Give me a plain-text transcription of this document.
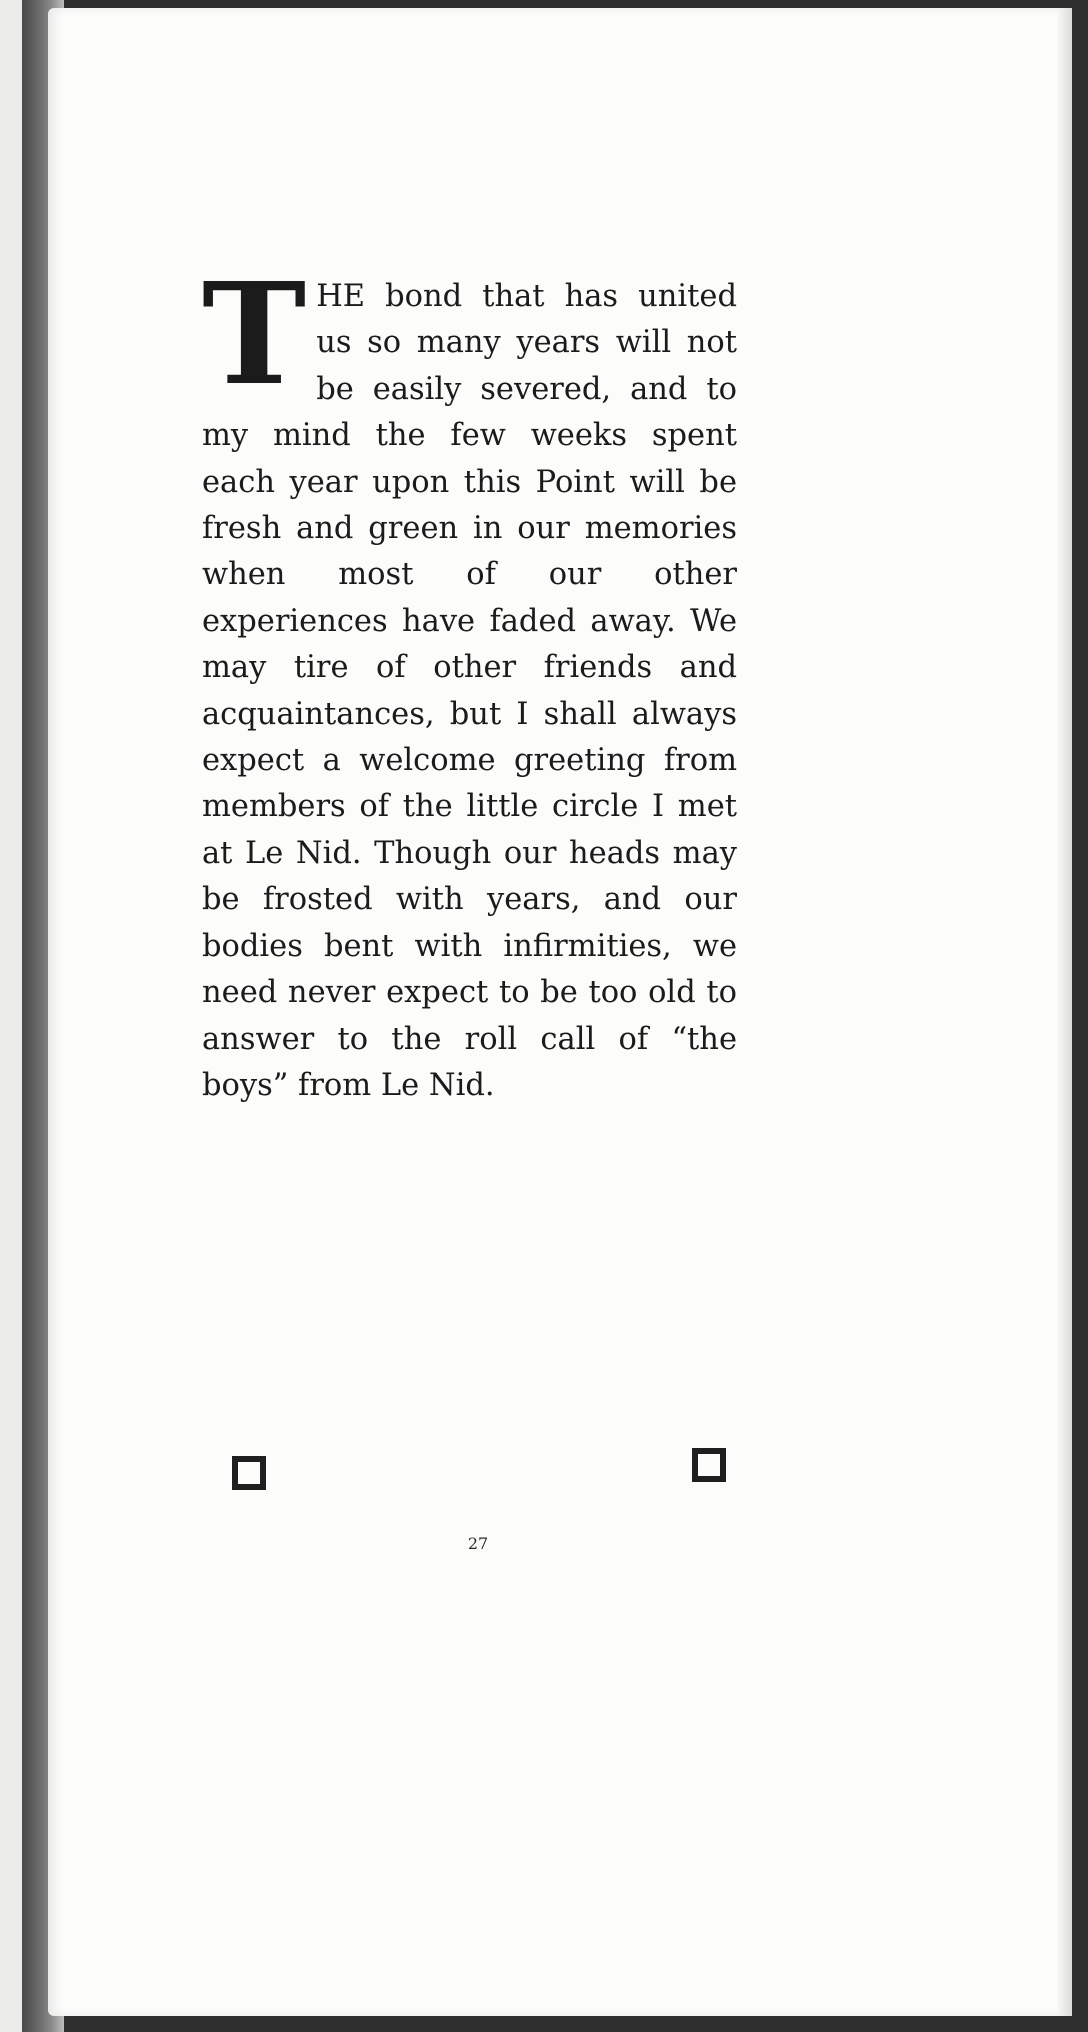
T HE bond that has united us so many years will not be easily severed, and to my mind the few weeks spent each year upon this Point will be fresh and green in our memories when most of our other experiences have faded away. We may tire of other friends and acquaintances, but I shall always expect a welcome greeting from members of the little circle I met at Le Nid. Though our heads may be frosted with years, and our bodies bent with infirmities, we need never expect to be too old to answer to the roll call of “the boys” from Le Nid.
27
